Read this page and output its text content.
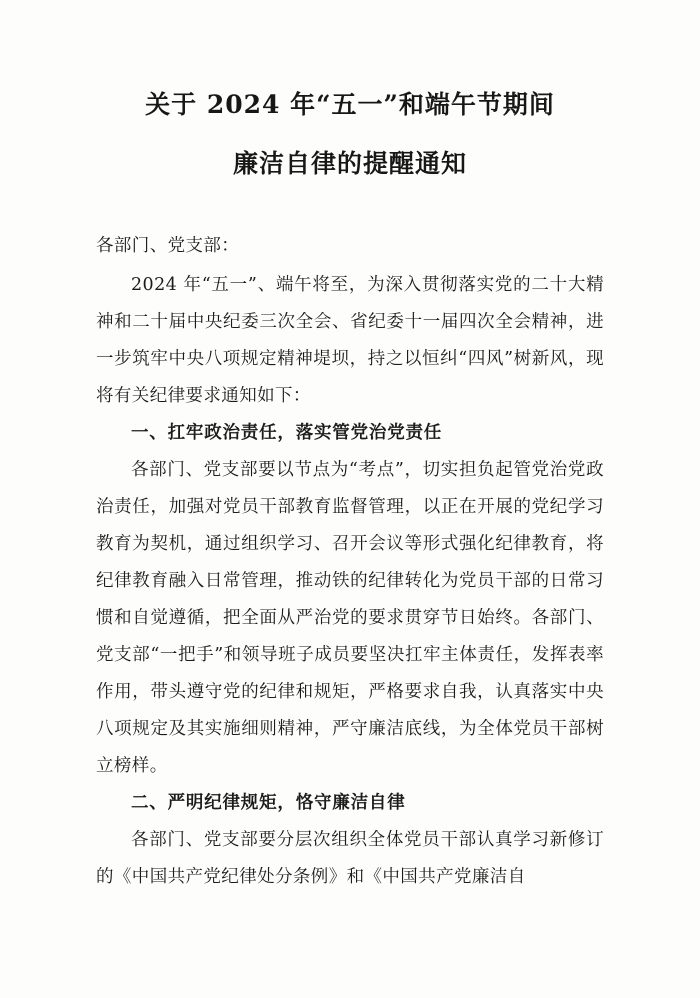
关于 2024 年“五一”和端午节期间
廉洁自律的提醒通知

各部门、党支部：

2024 年“五一”、端午将至，为深入贯彻落实党的二十大精神和二十届中央纪委三次全会、省纪委十一届四次全会精神，进一步筑牢中央八项规定精神堤坝，持之以恒纠“四风”树新风，现将有关纪律要求通知如下：

一、扛牢政治责任，落实管党治党责任

各部门、党支部要以节点为“考点”，切实担负起管党治党政治责任，加强对党员干部教育监督管理，以正在开展的党纪学习教育为契机，通过组织学习、召开会议等形式强化纪律教育，将纪律教育融入日常管理，推动铁的纪律转化为党员干部的日常习惯和自觉遵循，把全面从严治党的要求贯穿节日始终。各部门、党支部“一把手”和领导班子成员要坚决扛牢主体责任，发挥表率作用，带头遵守党的纪律和规矩，严格要求自我，认真落实中央八项规定及其实施细则精神，严守廉洁底线，为全体党员干部树立榜样。

二、严明纪律规矩，恪守廉洁自律

各部门、党支部要分层次组织全体党员干部认真学习新修订的《中国共产党纪律处分条例》和《中国共产党廉洁自
